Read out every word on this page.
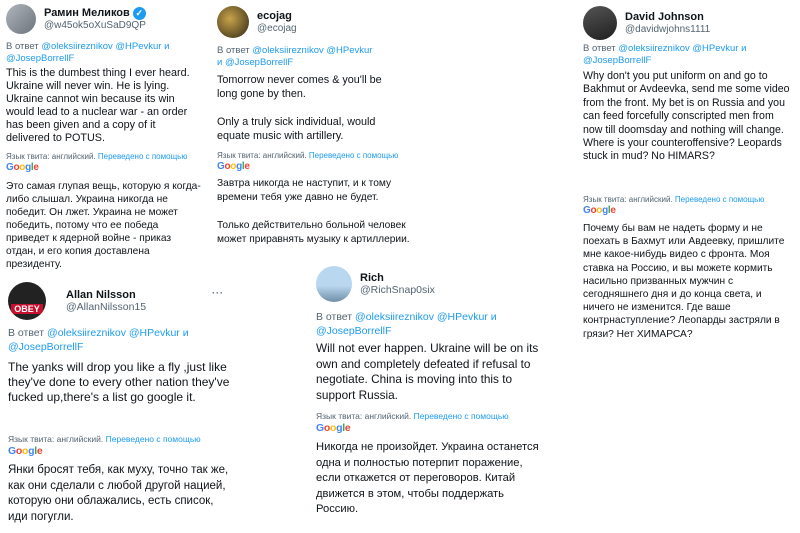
Рамин Меликов ✓
@w45ok5oXuSaD9QP
В ответ @oleksiireznikov @HPevkur и @JosepBorrellF
This is the dumbest thing I ever heard. Ukraine will never win. He is lying. Ukraine cannot win because its win would lead to a nuclear war - an order has been given and a copy of it delivered to POTUS.
Язык твита: английский. Переведено с помощью
Google
Это самая глупая вещь, которую я когда-либо слышал. Украина никогда не победит. Он лжет. Украина не может победить, потому что ее победа приведет к ядерной войне - приказ отдан, и его копия доставлена президенту.
ecojag
@ecojag
В ответ @oleksiireznikov @HPevkur и @JosepBorrellF
Tomorrow never comes & you'll be long gone by then.

Only a truly sick individual, would equate music with artillery.
Язык твита: английский. Переведено с помощью
Google
Завтра никогда не наступит, и к тому времени тебя уже давно не будет.

Только действительно больной человек может приравнять музыку к артиллерии.
David Johnson
@davidwjohns1111
В ответ @oleksiireznikov @HPevkur и @JosepBorrellF
Why don't you put uniform on and go to Bakhmut or Avdeevka, send me some video from the front. My bet is on Russia and you can feed forcefully conscripted men from now till doomsday and nothing will change. Where is your counteroffensive? Leopards stuck in mud? No HIMARS?
Язык твита: английский. Переведено с помощью
Google
Почему бы вам не надеть форму и не поехать в Бахмут или Авдеевку, пришлите мне какое-нибудь видео с фронта. Моя ставка на Россию, и вы можете кормить насильно призванных мужчин с сегодняшнего дня и до конца света, и ничего не изменится. Где ваше контрнаступление? Леопарды застряли в грязи? Нет ХИМАРСА?
OBEY
Allan Nilsson
@AllanNilsson15
···
В ответ @oleksiireznikov @HPevkur и @JosepBorrellF
The yanks will drop you like a fly ,just like they've done to every other nation they've fucked up,there's a list go google it.
Язык твита: английский. Переведено с помощью
Google
Янки бросят тебя, как муху, точно так же, как они сделали с любой другой нацией, которую они облажались, есть список, иди погугли.
Rich
@RichSnap0six
В ответ @oleksiireznikov @HPevkur и @JosepBorrellF
Will not ever happen. Ukraine will be on its own and completely defeated if refusal to negotiate. China is moving into this to support Russia.
Язык твита: английский. Переведено с помощью
Google
Никогда не произойдет. Украина останется одна и полностью потерпит поражение, если откажется от переговоров. Китай движется в этом, чтобы поддержать Россию.
